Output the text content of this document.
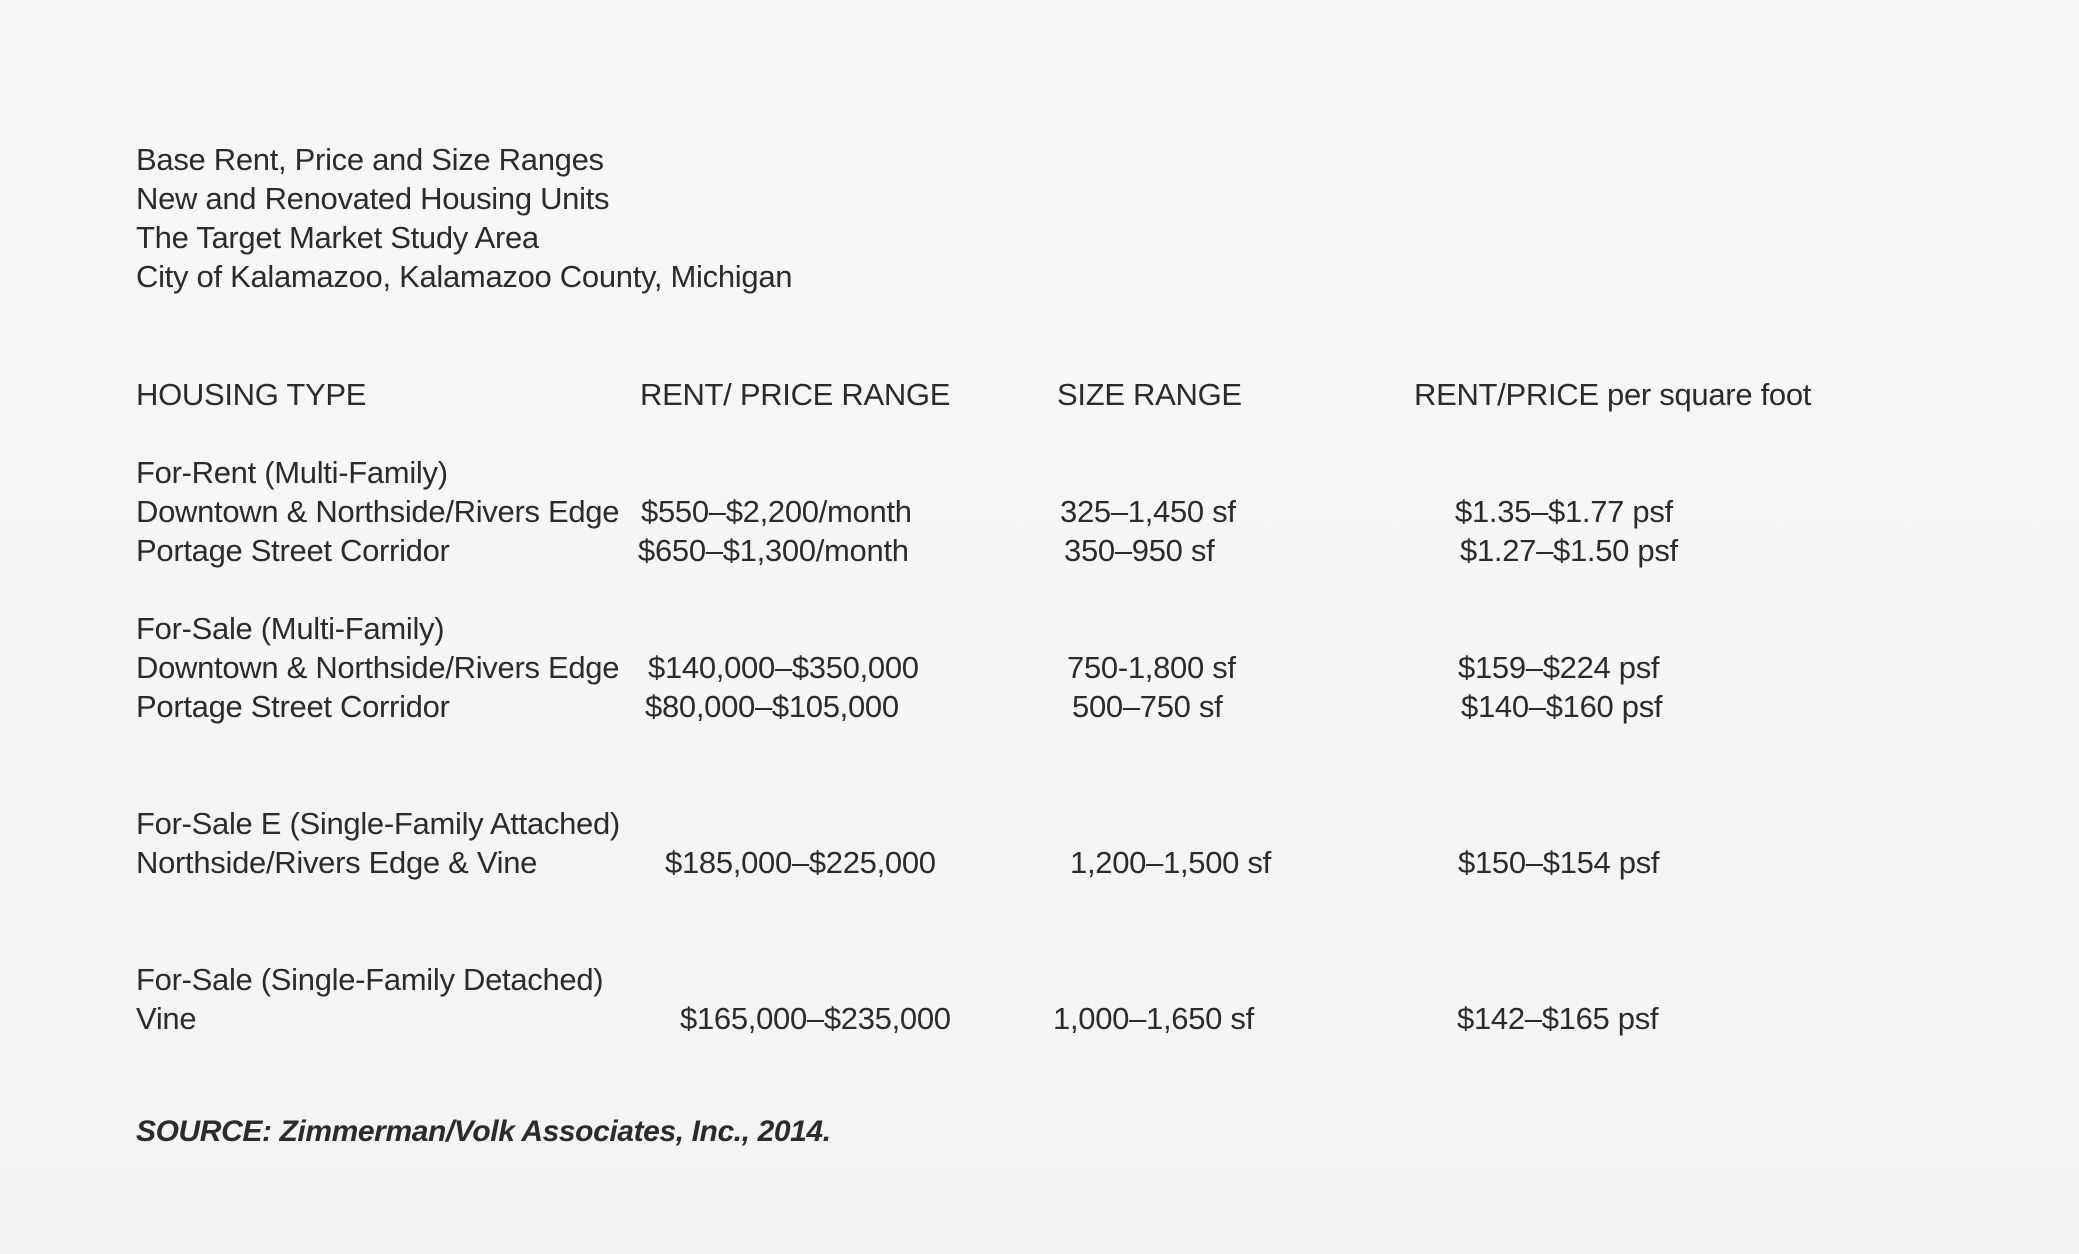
Base Rent, Price and Size Ranges
New and Renovated Housing Units
The Target Market Study Area
City of Kalamazoo, Kalamazoo County, Michigan
HOUSING TYPE	RENT/ PRICE RANGE	SIZE RANGE	RENT/PRICE per square foot
For-Rent (Multi-Family)
Downtown & Northside/Rivers Edge $550–$2,200/month	325–1,450 sf	$1.35–$1.77 psf
Portage Street Corridor	$650–$1,300/month	350–950 sf	$1.27–$1.50 psf
For-Sale (Multi-Family)
Downtown & Northside/Rivers Edge $140,000–$350,000	750-1,800 sf	$159–$224 psf
Portage Street Corridor	$80,000–$105,000	500–750 sf	$140–$160 psf
For-Sale E (Single-Family Attached)
Northside/Rivers Edge & Vine	$185,000–$225,000	1,200–1,500 sf	$150–$154 psf
For-Sale (Single-Family Detached)
Vine	$165,000–$235,000	1,000–1,650 sf	$142–$165 psf
SOURCE: Zimmerman/Volk Associates, Inc., 2014.
